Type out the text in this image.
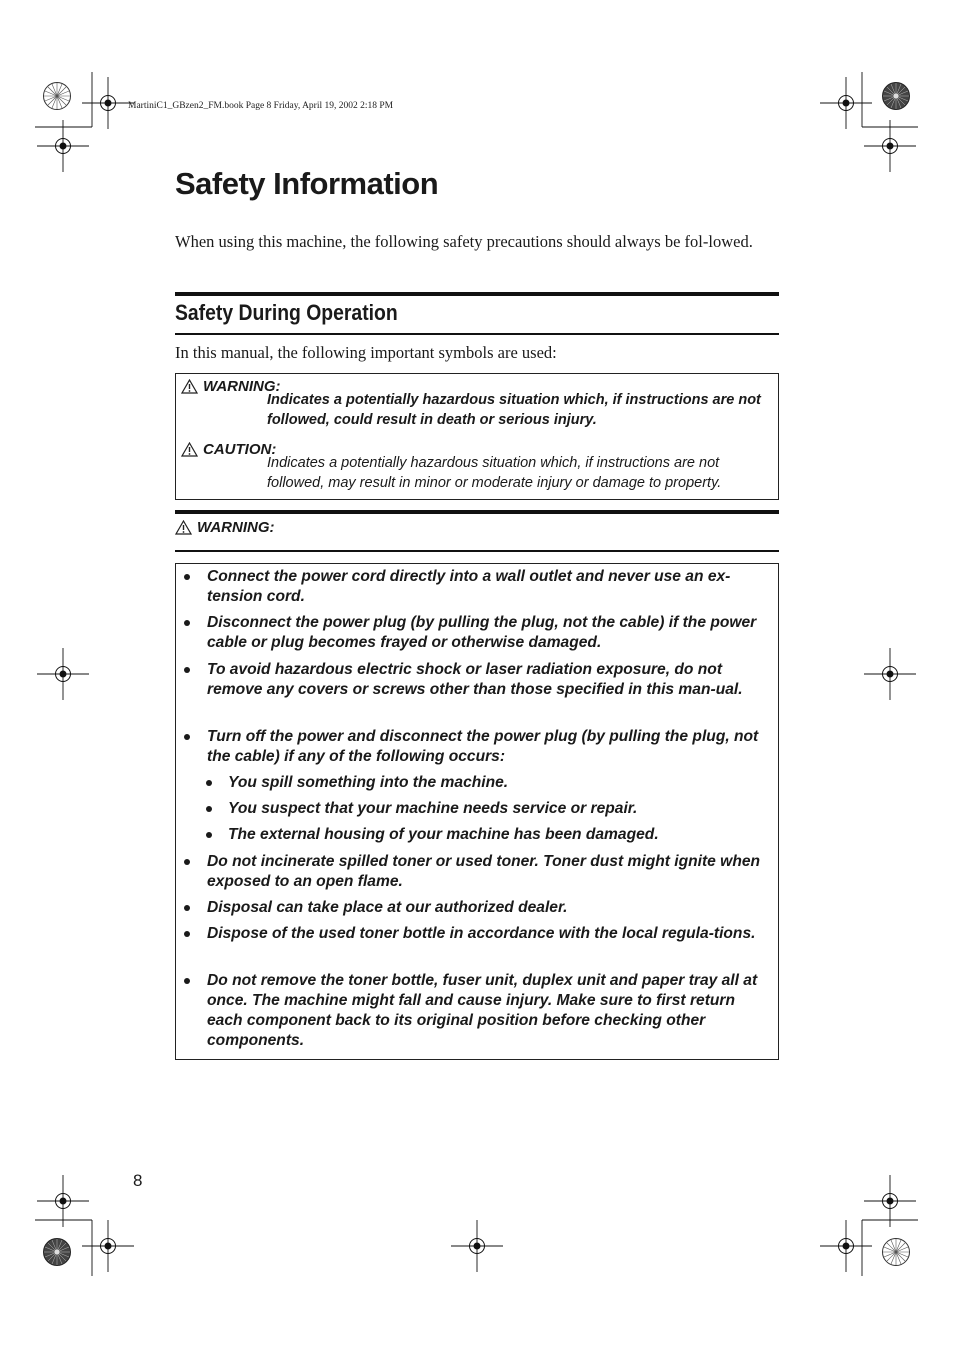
MartiniC1_GBzen2_FM.book Page 8 Friday, April 19, 2002 2:18 PM
Safety Information
When using this machine, the following safety precautions should always be fol-lowed.
Safety During Operation
In this manual, the following important symbols are used:
WARNING:
Indicates a potentially hazardous situation which, if instructions are not followed, could result in death or serious injury.
CAUTION:
Indicates a potentially hazardous situation which, if instructions are not followed, may result in minor or moderate injury or damage to property.
WARNING:
Connect the power cord directly into a wall outlet and never use an ex-tension cord.
Disconnect the power plug (by pulling the plug, not the cable) if the power cable or plug becomes frayed or otherwise damaged.
To avoid hazardous electric shock or laser radiation exposure, do not remove any covers or screws other than those specified in this man-ual.
Turn off the power and disconnect the power plug (by pulling the plug, not the cable) if any of the following occurs:
You spill something into the machine.
You suspect that your machine needs service or repair.
The external housing of your machine has been damaged.
Do not incinerate spilled toner or used toner. Toner dust might ignite when exposed to an open flame.
Disposal can take place at our authorized dealer.
Dispose of the used toner bottle in accordance with the local regula-tions.
Do not remove the toner bottle, fuser unit, duplex unit and paper tray all at once. The machine might fall and cause injury. Make sure to first return each component back to its original position before checking other components.
8
